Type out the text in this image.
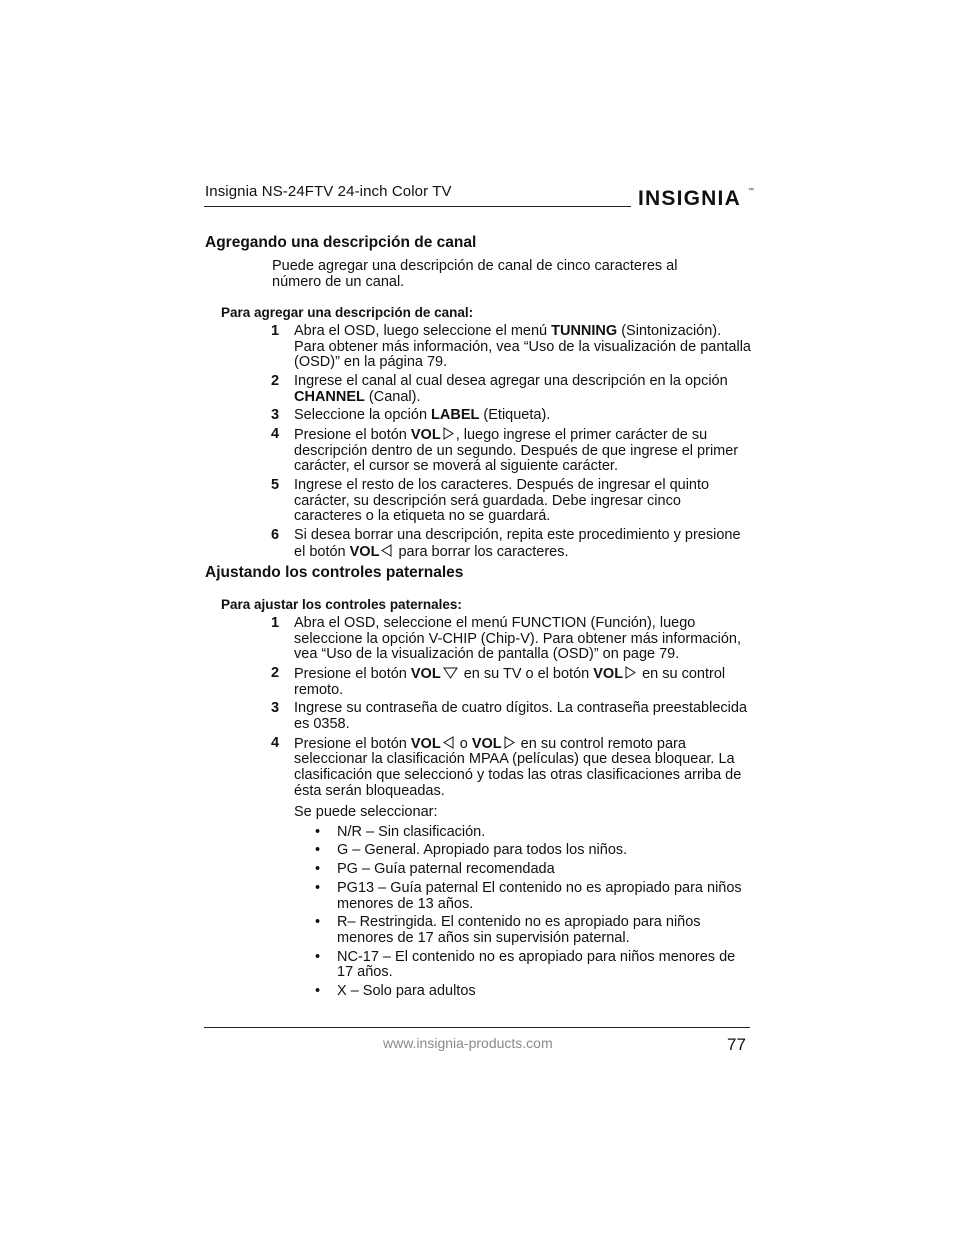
Insignia NS-24FTV 24-inch Color TV	INSIGNIA ™
Agregando una descripción de canal
Puede agregar una descripción de canal de cinco caracteres al número de un canal.
Para agregar una descripción de canal:
1	Abra el OSD, luego seleccione el menú TUNNING (Sintonización). Para obtener más información, vea “Uso de la visualización de pantalla (OSD)” en la página 79.
2	Ingrese el canal al cual desea agregar una descripción en la opción CHANNEL (Canal).
3	Seleccione la opción LABEL (Etiqueta).
4	Presione el botón VOL , luego ingrese el primer carácter de su descripción dentro de un segundo. Después de que ingrese el primer carácter, el cursor se moverá al siguiente carácter.
5	Ingrese el resto de los caracteres. Después de ingresar el quinto carácter, su descripción será guardada. Debe ingresar cinco caracteres o la etiqueta no se guardará.
6	Si desea borrar una descripción, repita este procedimiento y presione el botón VOL para borrar los caracteres.
Ajustando los controles paternales
Para ajustar los controles paternales:
1	Abra el OSD, seleccione el menú FUNCTION (Función), luego seleccione la opción V-CHIP (Chip-V). Para obtener más información, vea “Uso de la visualización de pantalla (OSD)” on page 79.
2	Presione el botón VOL en su TV o el botón VOL en su control remoto.
3	Ingrese su contraseña de cuatro dígitos. La contraseña preestablecida es 0358.
4	Presione el botón VOL o VOL en su control remoto para seleccionar la clasificación MPAA (películas) que desea bloquear. La clasificación que seleccionó y todas las otras clasificaciones arriba de ésta serán bloqueadas.
Se puede seleccionar:
•	N/R – Sin clasificación.
•	G – General. Apropiado para todos los niños.
•	PG – Guía paternal recomendada
•	PG13 – Guía paternal El contenido no es apropiado para niños menores de 13 años.
•	R– Restringida. El contenido no es apropiado para niños menores de 17 años sin supervisión paternal.
•	NC-17 – El contenido no es apropiado para niños menores de 17 años.
•	X – Solo para adultos
www.insignia-products.com	77
